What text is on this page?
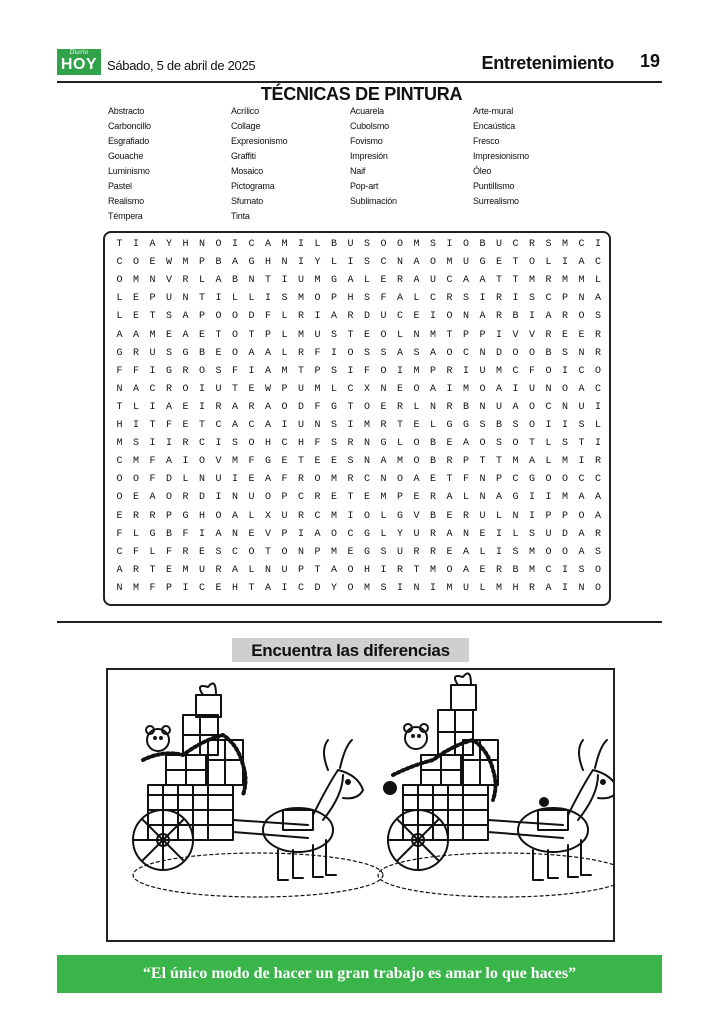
Diario
HOY Sábado, 5 de abril de 2025	Entretenimiento 19
TÉCNICAS DE PINTURA
Abstracto	Acrílico	Acuarela	Arte-mural
Carboncillo	Collage	Cubolsmo	Encaústica
Esgrafiado	Expresionismo	Fovismo	Fresco
Gouache	Graffiti	Impresión	Impresionismo
Luminismo	Mosaico	Naif	Óleo
Pastel	Pictograma	Pop-art	Puntillismo
Realismo	Sfumato	Sublimación	Surrealismo
Témpera	Tinta
T	I	A	Y	H	N	O	I	C	A	M	I	L	B	U	S	O	O	M	S	I	O	B	U	C	R	S	M	C	I
C	O	E	W	M	P	B	A	G	H	N	I	Y	L	I	S	C	N	A	O	M	U	G	E	T	O	L	I	A	C
O	M	N	V	R	L	A	B	N	T	I	U	M	G	A	L	E	R	A	U	C	A	A	T	T	M	R	M	M	L
L	E	P	U	N	T	I	L	L	I	S	M	O	P	H	S	F	A	L	C	R	S	I	R	I	S	C	P	N	A
L	E	T	S	A	P	O	O	D	F	L	R	I	A	R	D	U	C	E	I	O	N	A	R	B	I	A	R	O	S
A	A	M	E	A	E	T	O	T	P	L	M	U	S	T	E	O	L	N	M	T	P	P	I	V	V	R	E	E	R
G	R	U	S	G	B	E	O	A	A	L	R	F	I	O	S	S	A	S	A	O	C	N	D	O	O	B	S	N	R
F	F	I	G	R	O	S	F	I	A	M	T	P	S	I	F	O	I	M	P	R	I	U	M	C	F	O	I	C	O
N	A	C	R	O	I	U	T	E	W	P	U	M	L	C	X	N	E	O	A	I	M	O	A	I	U	N	O	A	C
T	L	I	A	E	I	R	A	R	A	O	D	F	G	T	O	E	R	L	N	R	B	N	U	A	O	C	N	U	I
H	I	T	F	E	T	C	A	C	A	I	U	N	S	I	M	R	T	E	L	G	G	S	B	S	O	I	I	S	L
M	S	I	I	R	C	I	S	O	H	C	H	F	S	R	N	G	L	O	B	E	A	O	S	O	T	L	S	T	I
C	M	F	A	I	O	V	M	F	G	E	T	E	E	S	N	A	M	O	B	R	P	T	T	M	A	L	M	I	R
O	O	F	D	L	N	U	I	E	A	F	R	O	M	R	C	N	O	A	E	T	F	N	P	C	G	O	O	C	C
O	E	A	O	R	D	I	N	U	O	P	C	R	E	T	E	M	P	E	R	A	L	N	A	G	I	I	M	A	A
E	R	R	P	G	H	O	A	L	X	U	R	C	M	I	O	L	G	V	B	E	R	U	L	N	I	P	P	O	A
F	L	G	B	F	I	A	N	E	V	P	I	A	O	C	G	L	Y	U	R	A	N	E	I	L	S	U	D	A	R
C	F	L	F	R	E	S	C	O	T	O	N	P	M	E	G	S	U	R	R	E	A	L	I	S	M	O	O	A	S
A	R	T	E	M	U	R	A	L	N	U	P	T	A	O	H	I	R	T	M	O	A	E	R	B	M	C	I	S	O
N	M	F	P	I	C	E	H	T	A	I	C	D	Y	O	M	S	I	N	I	M	U	L	M	H	R	A	I	N	O
Encuentra las diferencias
“El único modo de hacer un gran trabajo es amar lo que haces”
